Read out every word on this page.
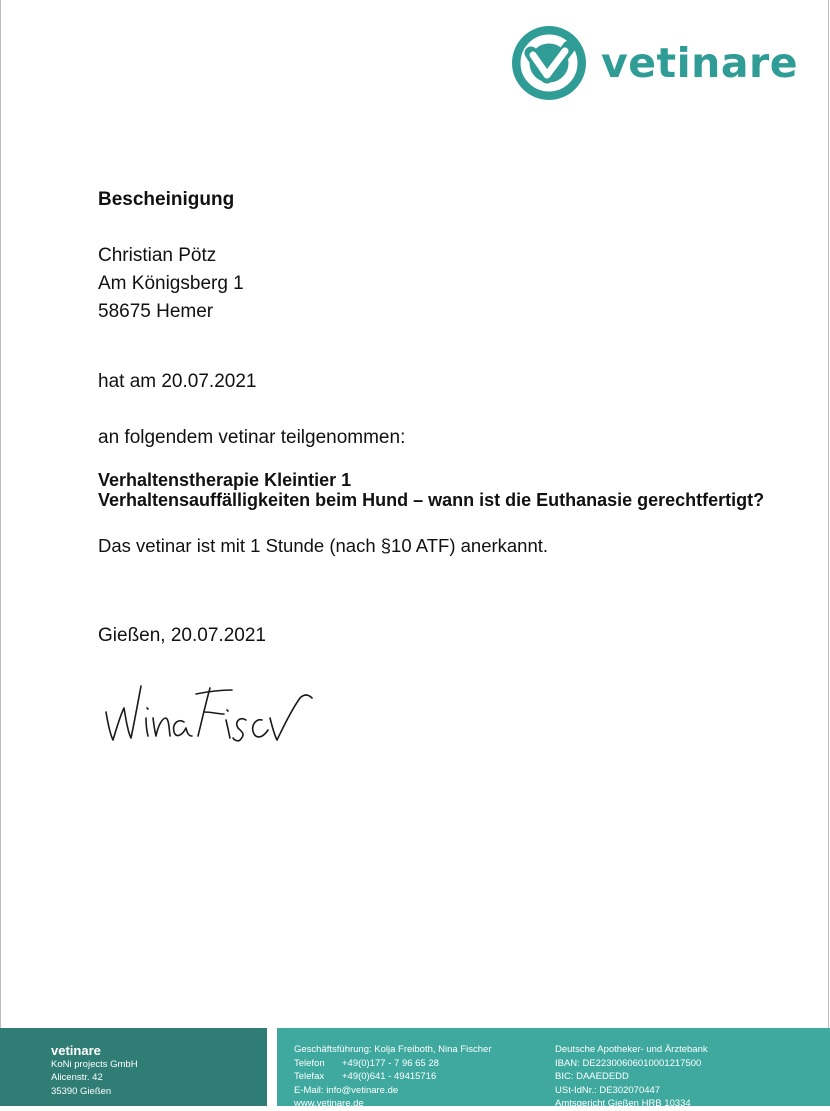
vetinare
Bescheinigung
Christian Pötz
Am Königsberg 1
58675 Hemer
hat am 20.07.2021
an folgendem vetinar teilgenommen:
Verhaltenstherapie Kleintier 1
Verhaltensauffälligkeiten beim Hund – wann ist die Euthanasie gerechtfertigt?
Das vetinar ist mit 1 Stunde (nach §10 ATF) anerkannt.
Gießen, 20.07.2021
vetinare
KoNi projects GmbH
Alicenstr. 42
35390 Gießen
Geschäftsführung: Kolja Freiboth, Nina Fischer
Telefon +49(0)177 - 7 96 65 28
Telefax +49(0)641 - 49415716
E-Mail: info@vetinare.de
www.vetinare.de
Deutsche Apotheker- und Ärztebank
IBAN: DE22300606010001217500
BIC: DAAEDEDD
USt-IdNr.: DE302070447
Amtsgericht Gießen HRB 10334
